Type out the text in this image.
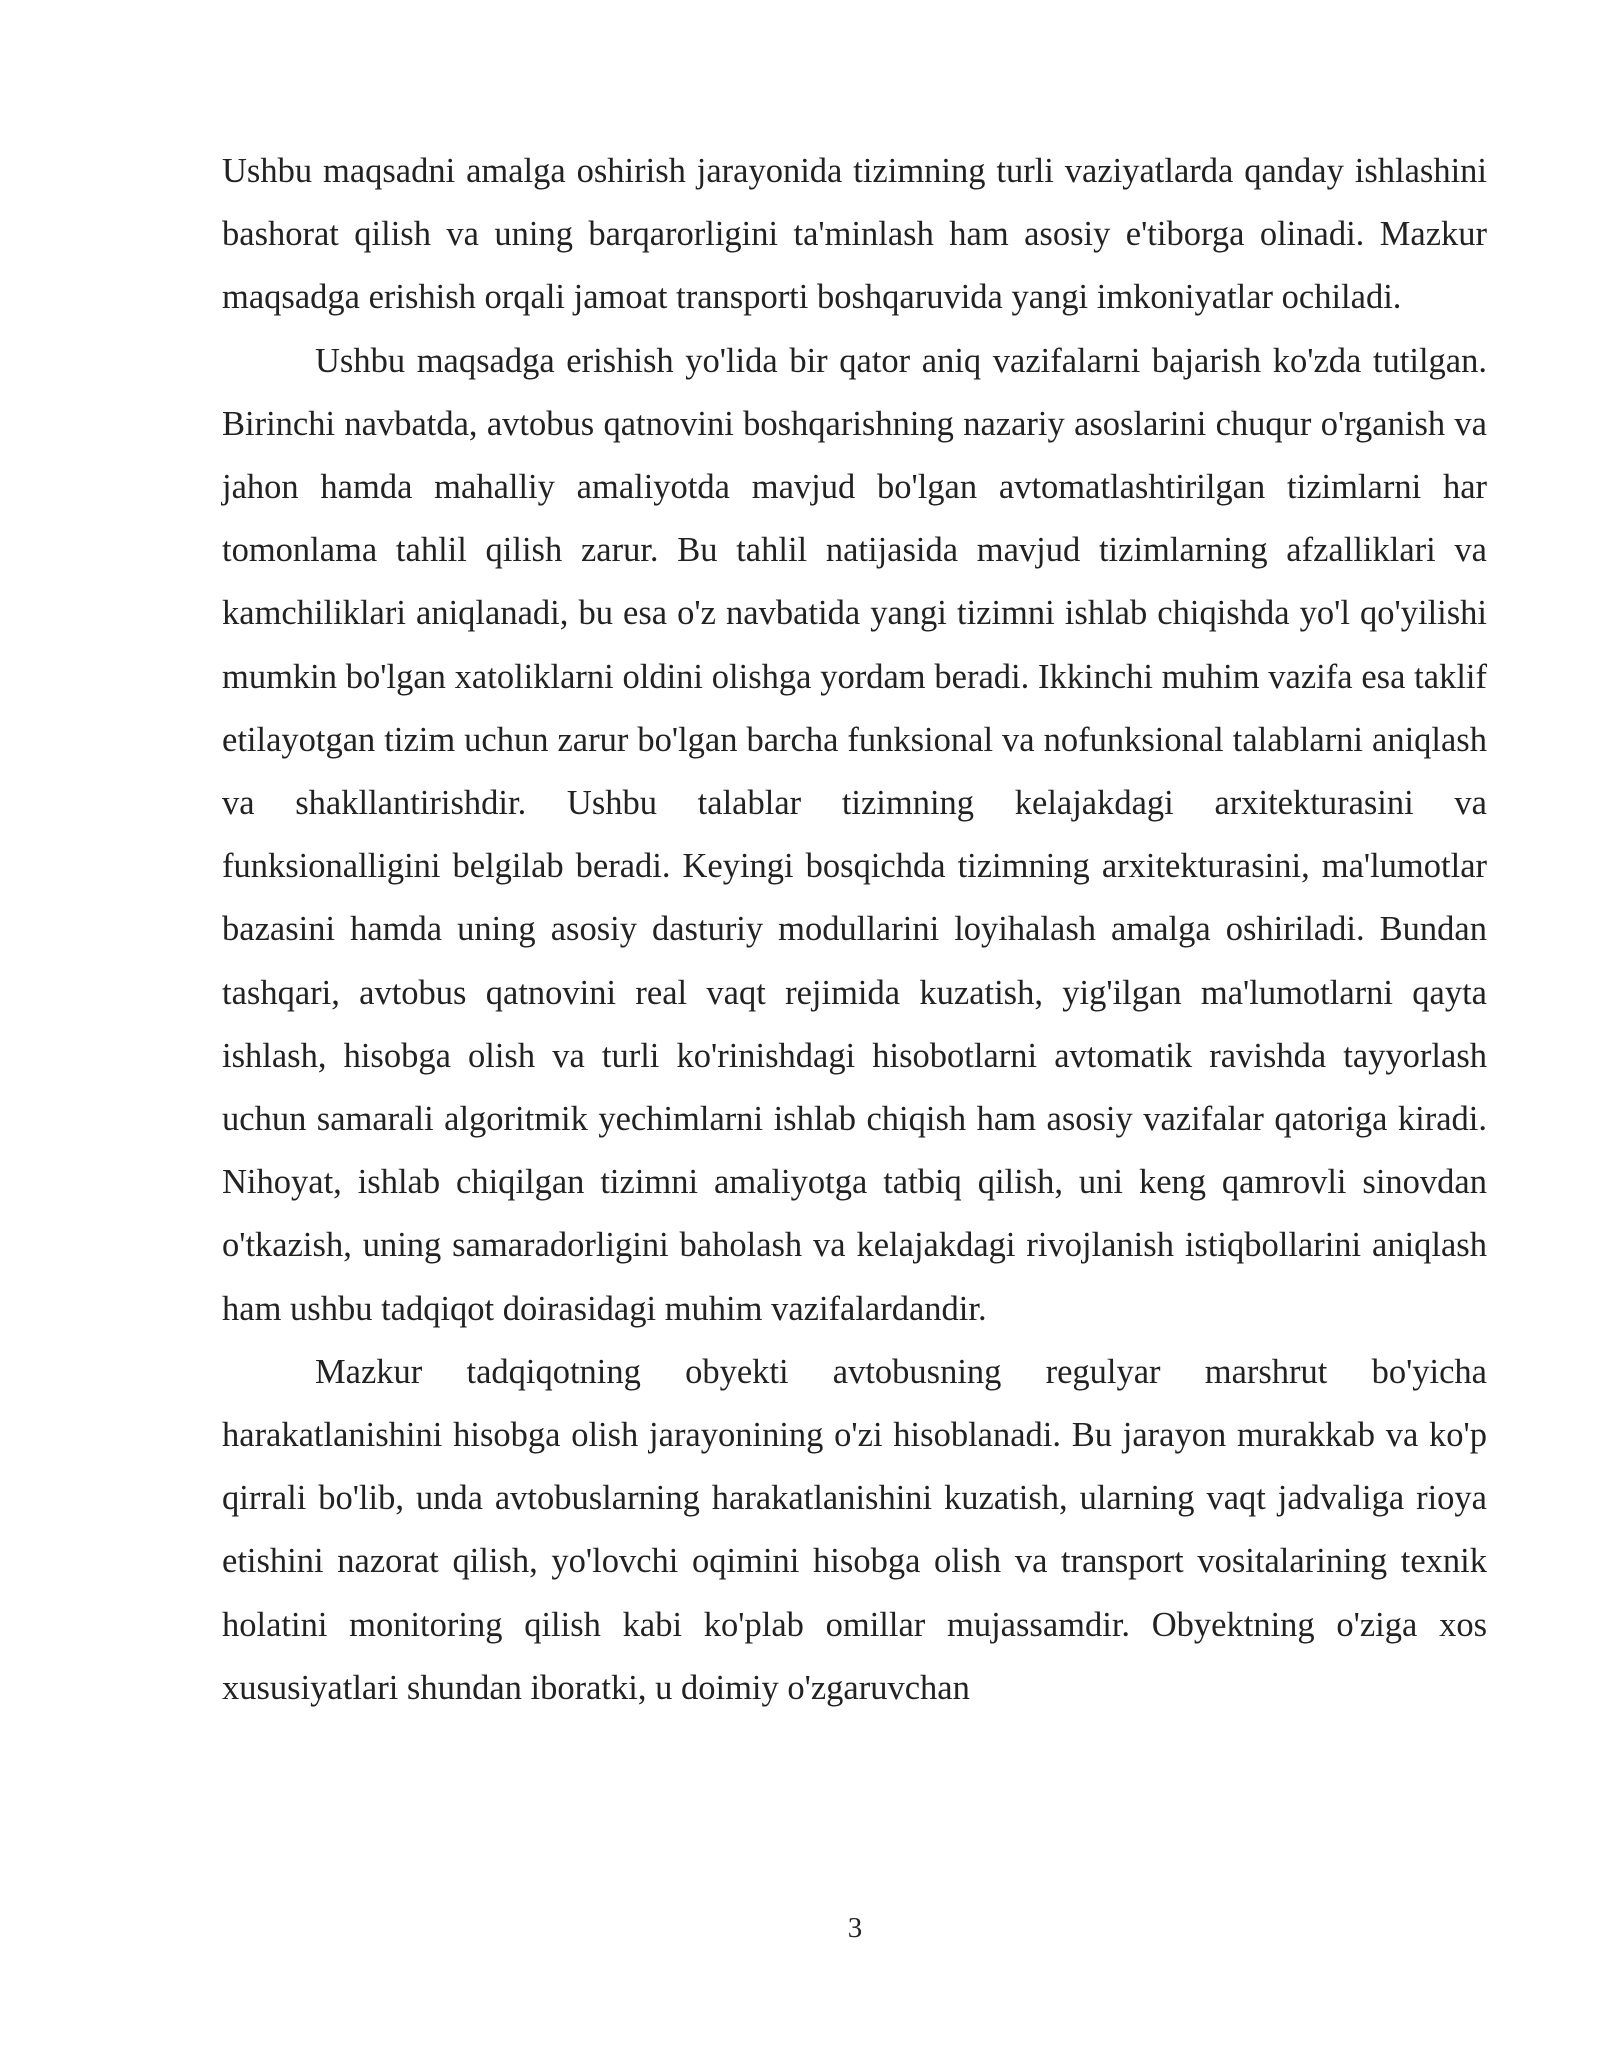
Ushbu maqsadni amalga oshirish jarayonida tizimning turli vaziyatlarda qanday ishlashini bashorat qilish va uning barqarorligini ta'minlash ham asosiy e'tiborga olinadi. Mazkur maqsadga erishish orqali jamoat transporti boshqaruvida yangi imkoniyatlar ochiladi.

Ushbu maqsadga erishish yo'lida bir qator aniq vazifalarni bajarish ko'zda tutilgan. Birinchi navbatda, avtobus qatnovini boshqarishning nazariy asoslarini chuqur o'rganish va jahon hamda mahalliy amaliyotda mavjud bo'lgan avtomatlashtirilgan tizimlarni har tomonlama tahlil qilish zarur. Bu tahlil natijasida mavjud tizimlarning afzalliklari va kamchiliklari aniqlanadi, bu esa o'z navbatida yangi tizimni ishlab chiqishda yo'l qo'yilishi mumkin bo'lgan xatoliklarni oldini olishga yordam beradi. Ikkinchi muhim vazifa esa taklif etilayotgan tizim uchun zarur bo'lgan barcha funksional va nofunksional talablarni aniqlash va shakllantirishdir. Ushbu talablar tizimning kelajakdagi arxitekturasini va funksionalligini belgilab beradi. Keyingi bosqichda tizimning arxitekturasini, ma'lumotlar bazasini hamda uning asosiy dasturiy modullarini loyihalash amalga oshiriladi. Bundan tashqari, avtobus qatnovini real vaqt rejimida kuzatish, yig'ilgan ma'lumotlarni qayta ishlash, hisobga olish va turli ko'rinishdagi hisobotlarni avtomatik ravishda tayyorlash uchun samarali algoritmik yechimlarni ishlab chiqish ham asosiy vazifalar qatoriga kiradi. Nihoyat, ishlab chiqilgan tizimni amaliyotga tatbiq qilish, uni keng qamrovli sinovdan o'tkazish, uning samaradorligini baholash va kelajakdagi rivojlanish istiqbollarini aniqlash ham ushbu tadqiqot doirasidagi muhim vazifalardandir.

Mazkur tadqiqotning obyekti avtobusning regulyar marshrut bo'yicha harakatlanishini hisobga olish jarayonining o'zi hisoblanadi. Bu jarayon murakkab va ko'p qirrali bo'lib, unda avtobuslarning harakatlanishini kuzatish, ularning vaqt jadvaliga rioya etishini nazorat qilish, yo'lovchi oqimini hisobga olish va transport vositalarining texnik holatini monitoring qilish kabi ko'plab omillar mujassamdir. Obyektning o'ziga xos xususiyatlari shundan iboratki, u doimiy o'zgaruvchan

3
